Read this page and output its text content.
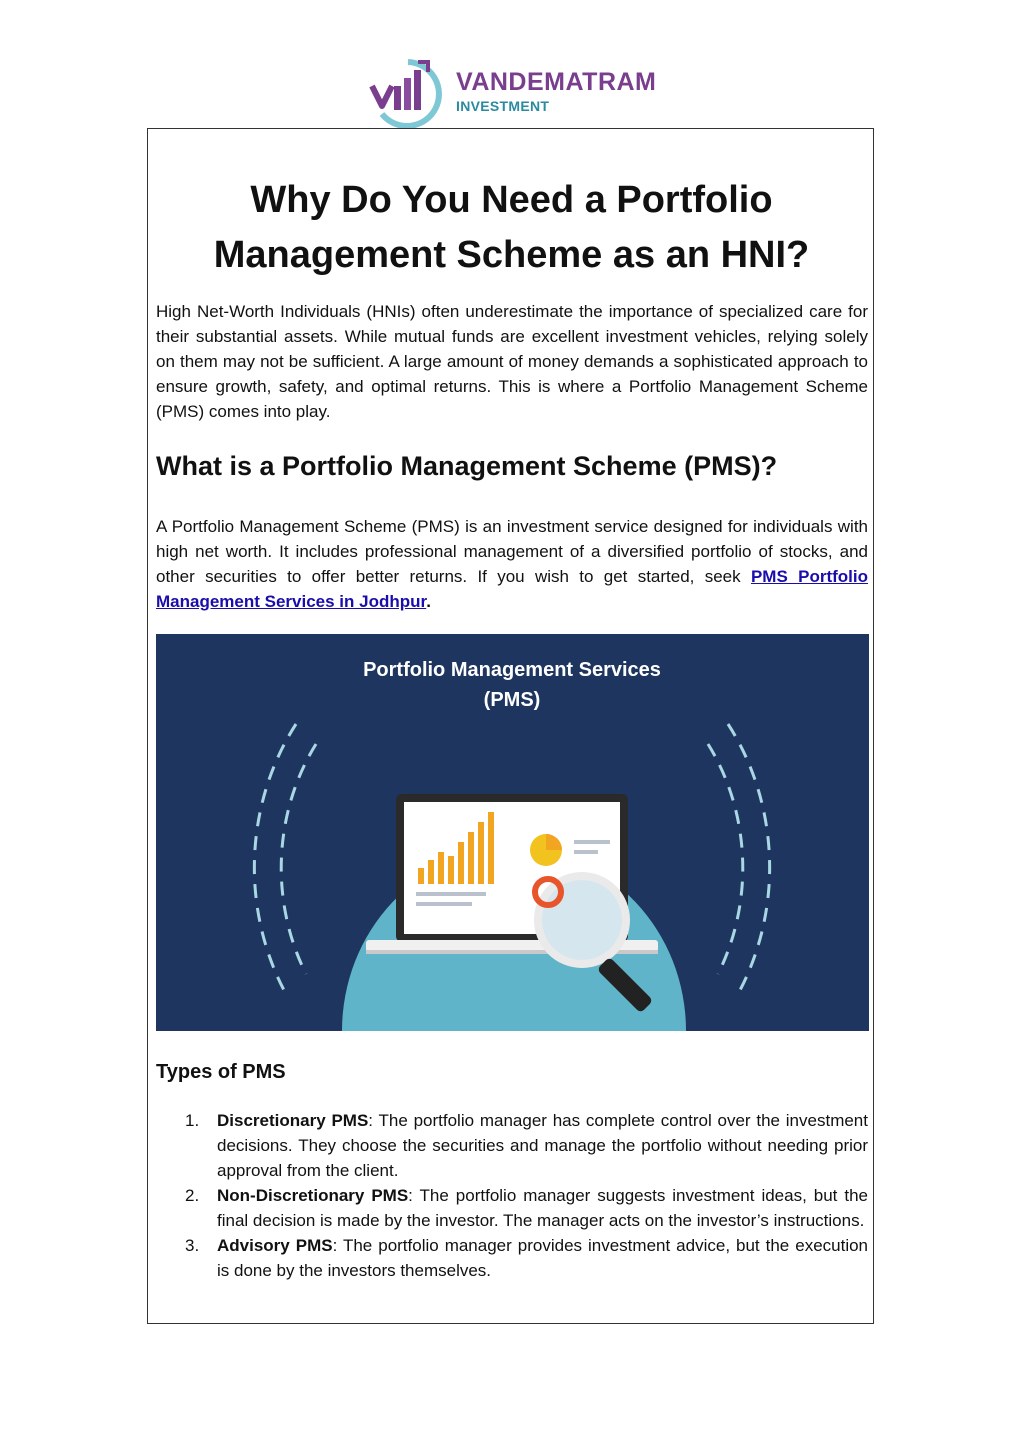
VANDEMATRAM
INVESTMENT
Why Do You Need a Portfolio Management Scheme as an HNI?

High Net-Worth Individuals (HNIs) often underestimate the importance of specialized care for their substantial assets. While mutual funds are excellent investment vehicles, relying solely on them may not be sufficient. A large amount of money demands a sophisticated approach to ensure growth, safety, and optimal returns. This is where a Portfolio Management Scheme (PMS) comes into play.

What is a Portfolio Management Scheme (PMS)?

A Portfolio Management Scheme (PMS) is an investment service designed for individuals with high net worth. It includes professional management of a diversified portfolio of stocks, and other securities to offer better returns. If you wish to get started, seek PMS Portfolio Management Services in Jodhpur.

Portfolio Management Services
(PMS)
Types of PMS
1. Discretionary PMS: The portfolio manager has complete control over the investment decisions. They choose the securities and manage the portfolio without needing prior approval from the client.
2. Non-Discretionary PMS: The portfolio manager suggests investment ideas, but the final decision is made by the investor. The manager acts on the investor’s instructions.
3. Advisory PMS: The portfolio manager provides investment advice, but the execution is done by the investors themselves.
